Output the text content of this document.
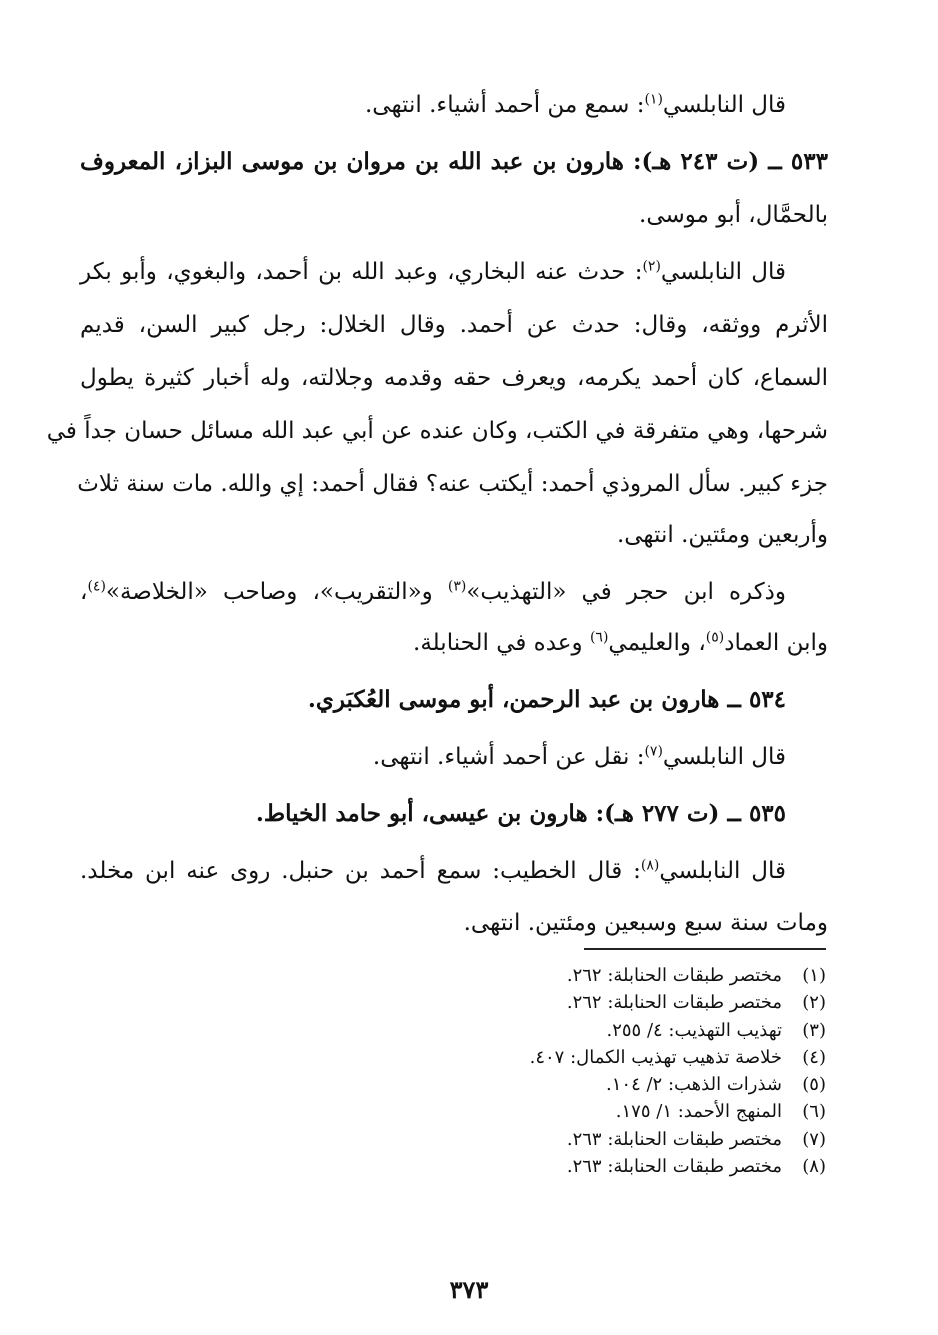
قال النابلسي$^{(١)}$: سمع من أحمد أشياء. انتهى.
٥٣٣ ــ (ت ٢٤٣ هـ): هارون بن عبد الله بن مروان بن موسى البزاز، المعروف
بالحمَّال، أبو موسى.
قال النابلسي$^{(٢)}$: حدث عنه البخاري، وعبد الله بن أحمد، والبغوي، وأبو بكر
الأثرم ووثقه، وقال: حدث عن أحمد. وقال الخلال: رجل كبير السن، قديم
السماع، كان أحمد يكرمه، ويعرف حقه وقدمه وجلالته، وله أخبار كثيرة يطول
شرحها، وهي متفرقة في الكتب، وكان عنده عن أبي عبد الله مسائل حسان جداً في
جزء كبير. سأل المروذي أحمد: أيكتب عنه؟ فقال أحمد: إي والله. مات سنة ثلاث
وأربعين ومئتين. انتهى.
وذكره ابن حجر في «التهذيب»$^{(٣)}$ و«التقريب»، وصاحب «الخلاصة»$^{(٤)}$،
وابن العماد$^{(٥)}$، والعليمي$^{(٦)}$ وعده في الحنابلة.
٥٣٤ ــ هارون بن عبد الرحمن، أبو موسى العُكبَري.
قال النابلسي$^{(٧)}$: نقل عن أحمد أشياء. انتهى.
٥٣٥ ــ (ت ٢٧٧ هـ): هارون بن عيسى، أبو حامد الخياط.
قال النابلسي$^{(٨)}$: قال الخطيب: سمع أحمد بن حنبل. روى عنه ابن مخلد.
ومات سنة سبع وسبعين ومئتين. انتهى.
(١)مختصر طبقات الحنابلة: ٢٦٢.
(٢)مختصر طبقات الحنابلة: ٢٦٢.
(٣)تهذيب التهذيب: ٤/ ٢٥٥.
(٤)خلاصة تذهيب تهذيب الكمال: ٤٠٧.
(٥)شذرات الذهب: ٢/ ١٠٤.
(٦)المنهج الأحمد: ١/ ١٧٥.
(٧)مختصر طبقات الحنابلة: ٢٦٣.
(٨)مختصر طبقات الحنابلة: ٢٦٣.
٣٧٣
